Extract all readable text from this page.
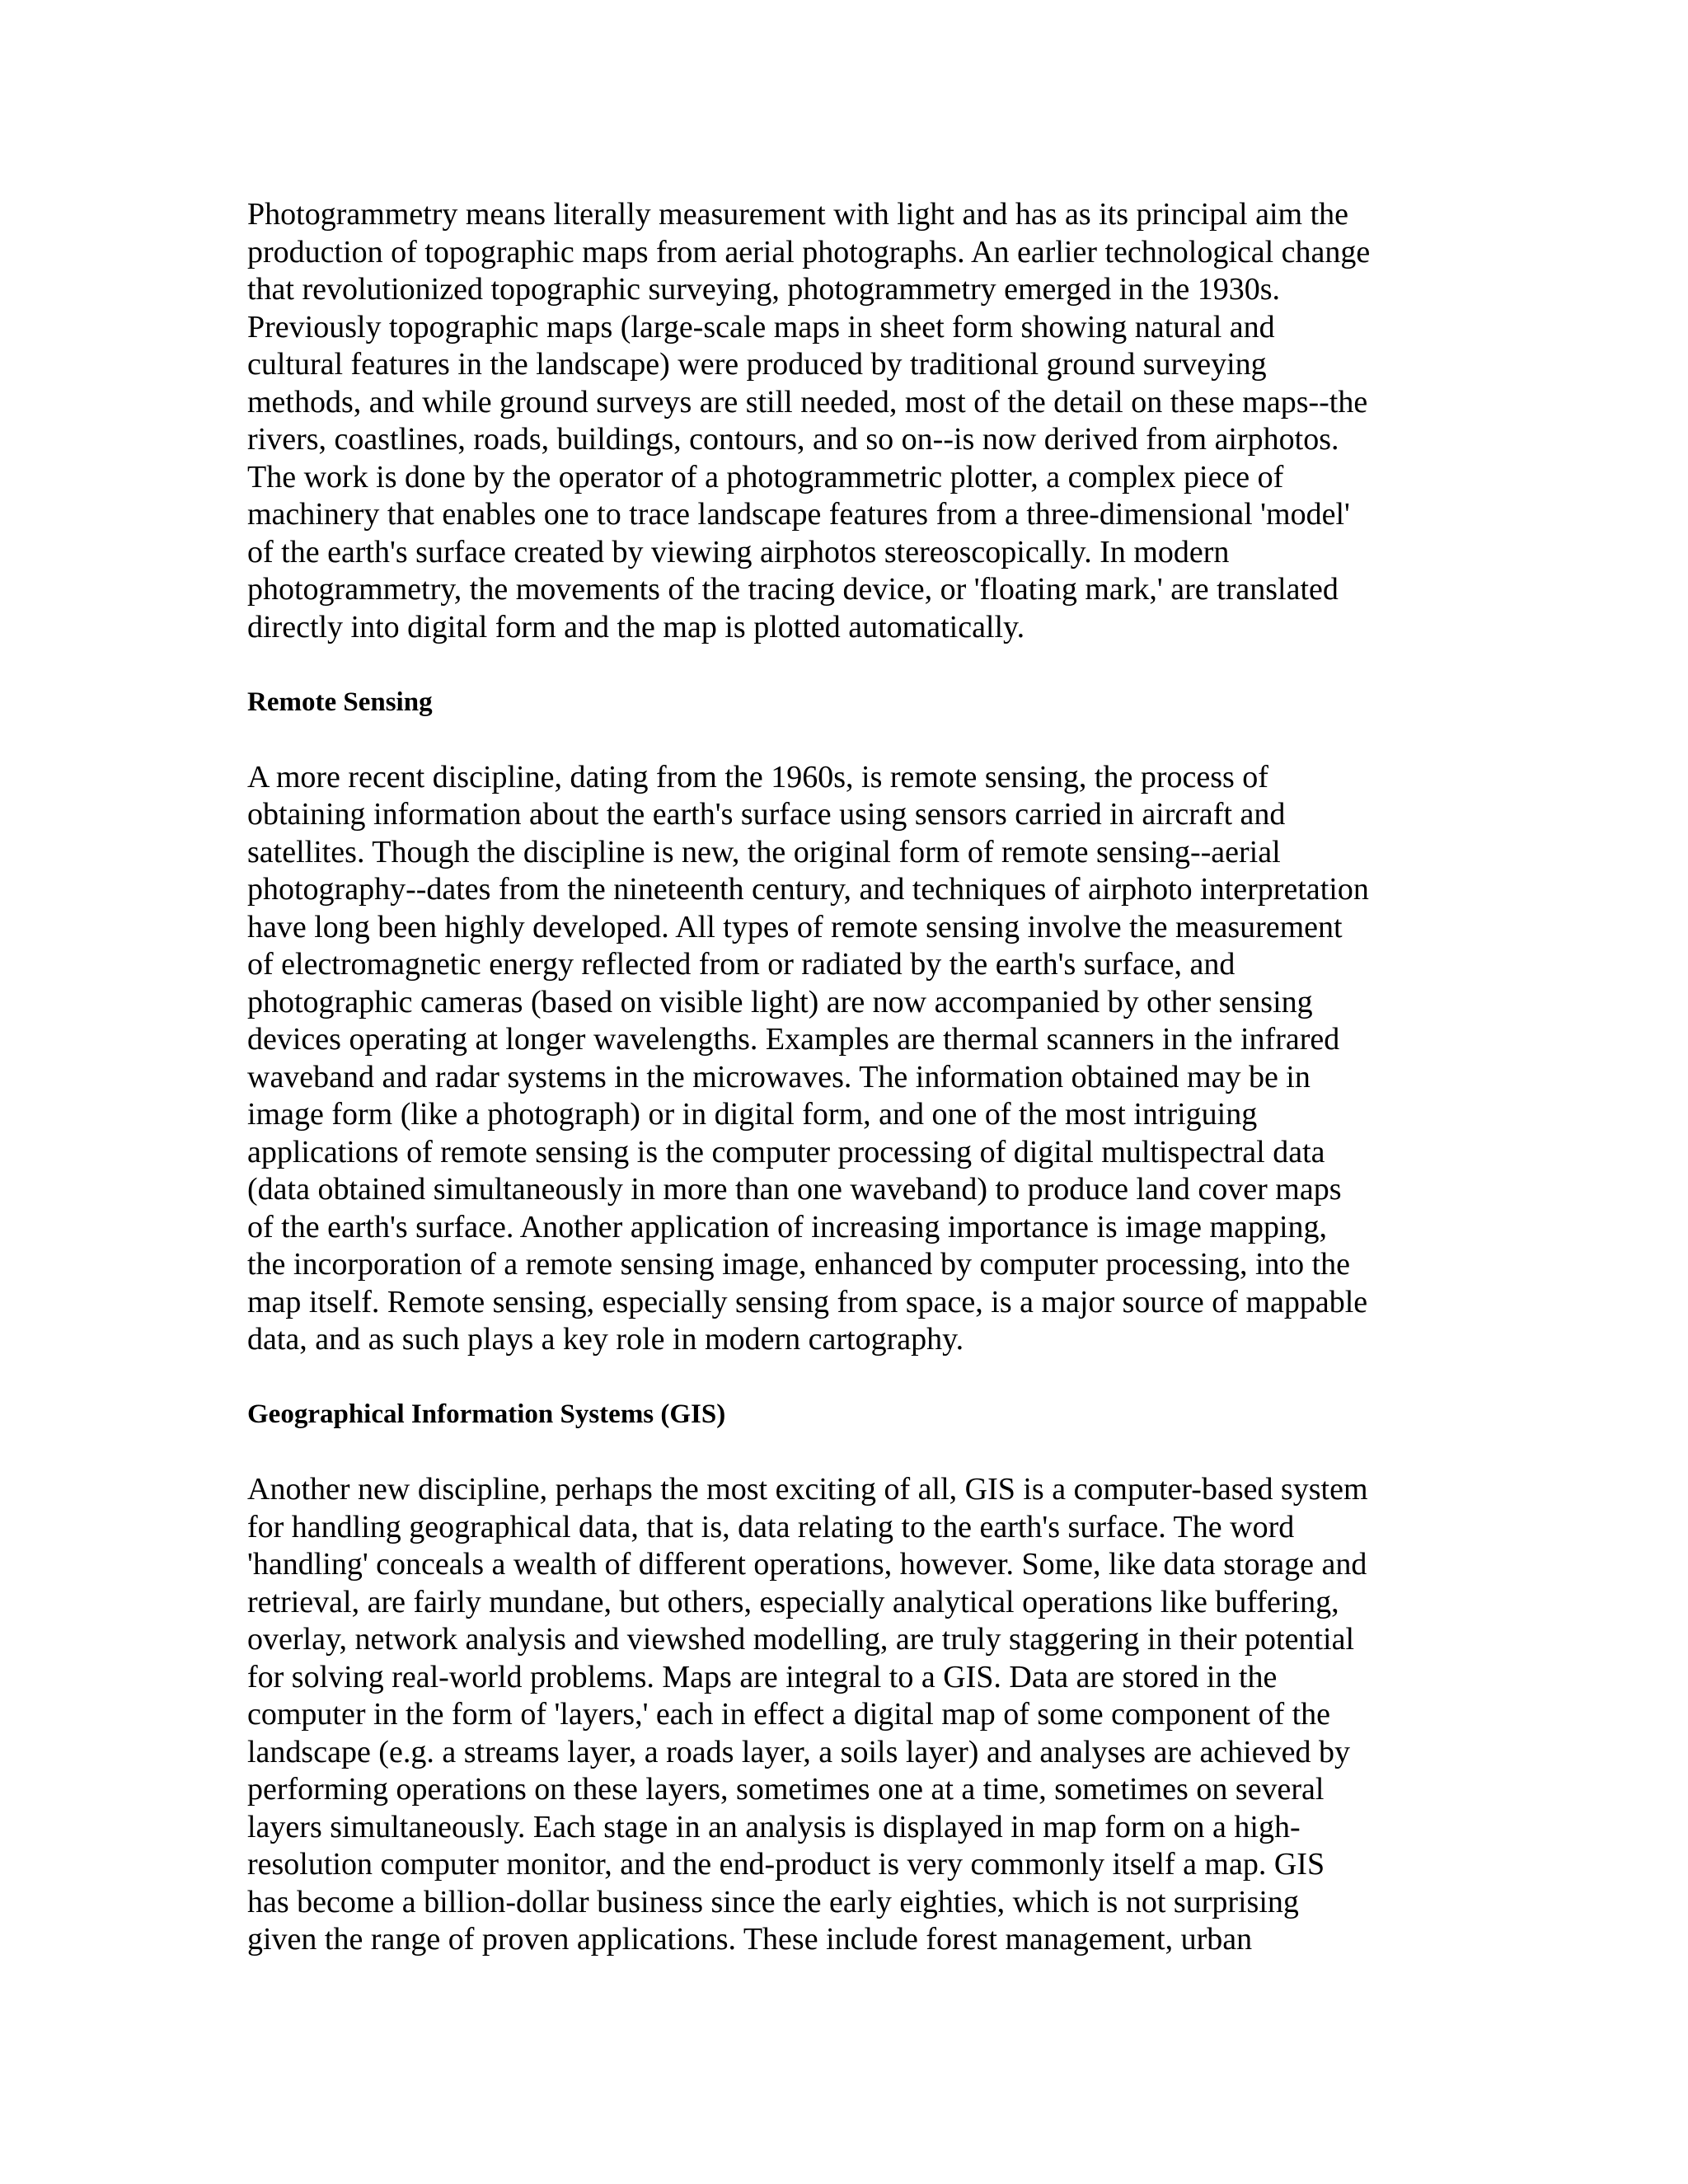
Photogrammetry means literally measurement with light and has as its principal aim the
production of topographic maps from aerial photographs. An earlier technological change
that revolutionized topographic surveying, photogrammetry emerged in the 1930s.
Previously topographic maps (large-scale maps in sheet form showing natural and
cultural features in the landscape) were produced by traditional ground surveying
methods, and while ground surveys are still needed, most of the detail on these maps--the
rivers, coastlines, roads, buildings, contours, and so on--is now derived from airphotos.
The work is done by the operator of a photogrammetric plotter, a complex piece of
machinery that enables one to trace landscape features from a three-dimensional 'model'
of the earth's surface created by viewing airphotos stereoscopically. In modern
photogrammetry, the movements of the tracing device, or 'floating mark,' are translated
directly into digital form and the map is plotted automatically.
Remote Sensing
A more recent discipline, dating from the 1960s, is remote sensing, the process of
obtaining information about the earth's surface using sensors carried in aircraft and
satellites. Though the discipline is new, the original form of remote sensing--aerial
photography--dates from the nineteenth century, and techniques of airphoto interpretation
have long been highly developed. All types of remote sensing involve the measurement
of electromagnetic energy reflected from or radiated by the earth's surface, and
photographic cameras (based on visible light) are now accompanied by other sensing
devices operating at longer wavelengths. Examples are thermal scanners in the infrared
waveband and radar systems in the microwaves. The information obtained may be in
image form (like a photograph) or in digital form, and one of the most intriguing
applications of remote sensing is the computer processing of digital multispectral data
(data obtained simultaneously in more than one waveband) to produce land cover maps
of the earth's surface. Another application of increasing importance is image mapping,
the incorporation of a remote sensing image, enhanced by computer processing, into the
map itself. Remote sensing, especially sensing from space, is a major source of mappable
data, and as such plays a key role in modern cartography.
Geographical Information Systems (GIS)
Another new discipline, perhaps the most exciting of all, GIS is a computer-based system
for handling geographical data, that is, data relating to the earth's surface. The word
'handling' conceals a wealth of different operations, however. Some, like data storage and
retrieval, are fairly mundane, but others, especially analytical operations like buffering,
overlay, network analysis and viewshed modelling, are truly staggering in their potential
for solving real-world problems. Maps are integral to a GIS. Data are stored in the
computer in the form of 'layers,' each in effect a digital map of some component of the
landscape (e.g. a streams layer, a roads layer, a soils layer) and analyses are achieved by
performing operations on these layers, sometimes one at a time, sometimes on several
layers simultaneously. Each stage in an analysis is displayed in map form on a high-
resolution computer monitor, and the end-product is very commonly itself a map. GIS
has become a billion-dollar business since the early eighties, which is not surprising
given the range of proven applications. These include forest management, urban
